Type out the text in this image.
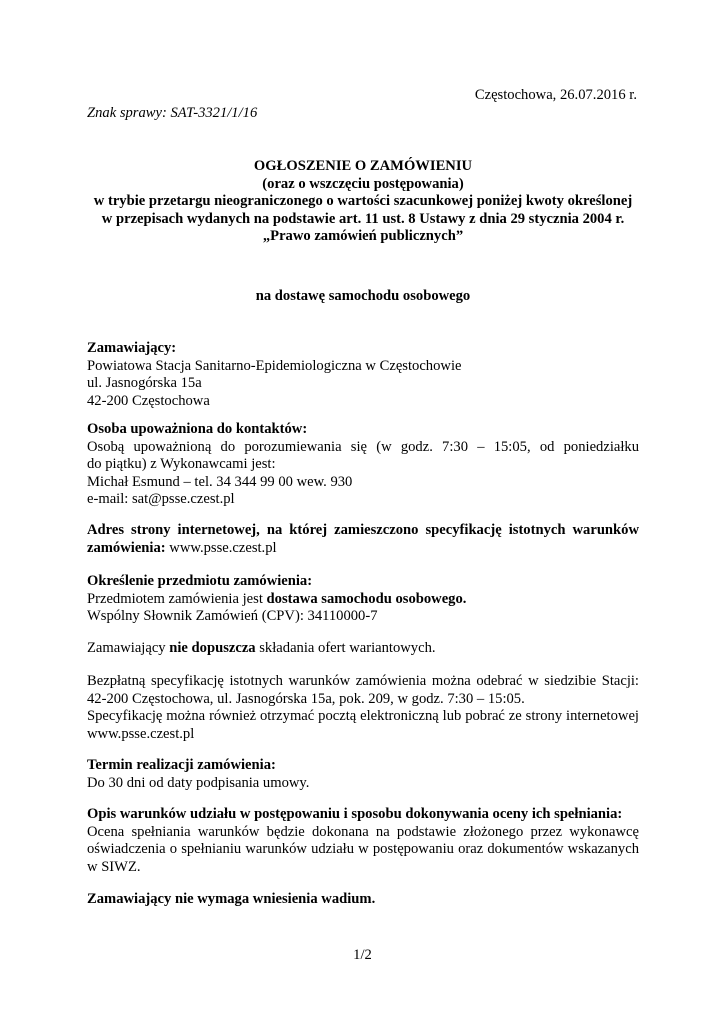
Częstochowa, 26.07.2016 r.
Znak sprawy: SAT-3321/1/16

OGŁOSZENIE O ZAMÓWIENIU

(oraz o wszczęciu postępowania)

w trybie przetargu nieograniczonego o wartości szacunkowej poniżej kwoty określonej

w przepisach wydanych na podstawie art. 11 ust. 8 Ustawy z dnia 29 stycznia 2004 r.

„Prawo zamówień publicznych”

na dostawę samochodu osobowego

Zamawiający:

Powiatowa Stacja Sanitarno-Epidemiologiczna w Częstochowie

ul. Jasnogórska 15a

42-200 Częstochowa

Osoba upoważniona do kontaktów:

Osobą upoważnioną do porozumiewania się (w godz. 7:30 – 15:05, od poniedziałku

do piątku) z Wykonawcami jest:

Michał Esmund – tel. 34 344 99 00 wew. 930

e-mail: sat@psse.czest.pl

Adres strony internetowej, na której zamieszczono specyfikację istotnych warunków

zamówienia: www.psse.czest.pl

Określenie przedmiotu zamówienia:

Przedmiotem zamówienia jest dostawa samochodu osobowego.

Wspólny Słownik Zamówień (CPV): 34110000-7

Zamawiający nie dopuszcza składania ofert wariantowych.

Bezpłatną specyfikację istotnych warunków zamówienia można odebrać w siedzibie Stacji:

42-200 Częstochowa, ul. Jasnogórska 15a, pok. 209, w godz. 7:30 – 15:05.

Specyfikację można również otrzymać pocztą elektroniczną lub pobrać ze strony internetowej

www.psse.czest.pl

Termin realizacji zamówienia:

Do 30 dni od daty podpisania umowy.

Opis warunków udziału w postępowaniu i sposobu dokonywania oceny ich spełniania:

Ocena spełniania warunków będzie dokonana na podstawie złożonego przez wykonawcę

oświadczenia o spełnianiu warunków udziału w postępowaniu oraz dokumentów wskazanych

w SIWZ.

Zamawiający nie wymaga wniesienia wadium.
1/2
